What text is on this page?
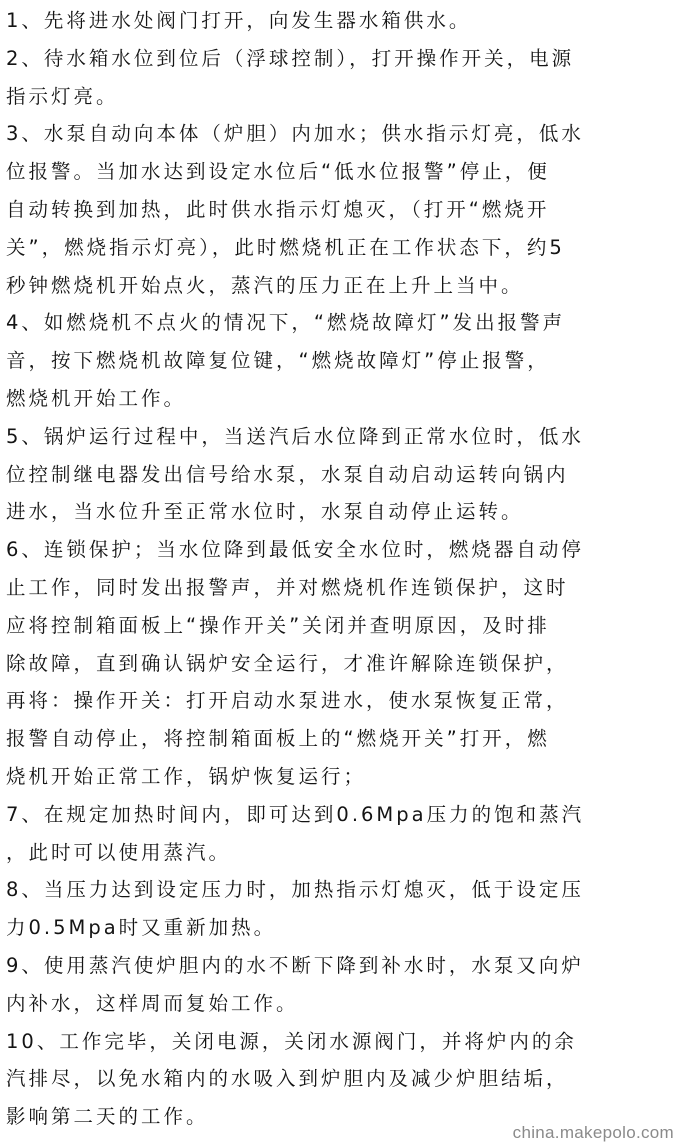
1、先将进水处阀门打开，向发生器水箱供水。
2、待水箱水位到位后（浮球控制），打开操作开关，电源
指示灯亮。
3、水泵自动向本体（炉胆）内加水；供水指示灯亮，低水
位报警。当加水达到设定水位后“低水位报警”停止，便
自动转换到加热，此时供水指示灯熄灭，（打开“燃烧开
关”，燃烧指示灯亮），此时燃烧机正在工作状态下，约5
秒钟燃烧机开始点火，蒸汽的压力正在上升上当中。
4、如燃烧机不点火的情况下，“燃烧故障灯”发出报警声
音，按下燃烧机故障复位键，“燃烧故障灯”停止报警，
燃烧机开始工作。
5、锅炉运行过程中，当送汽后水位降到正常水位时，低水
位控制继电器发出信号给水泵，水泵自动启动运转向锅内
进水，当水位升至正常水位时，水泵自动停止运转。
6、连锁保护；当水位降到最低安全水位时，燃烧器自动停
止工作，同时发出报警声，并对燃烧机作连锁保护，这时
应将控制箱面板上“操作开关”关闭并查明原因，及时排
除故障，直到确认锅炉安全运行，才准许解除连锁保护，
再将：操作开关：打开启动水泵进水，使水泵恢复正常，
报警自动停止，将控制箱面板上的“燃烧开关”打开，燃
烧机开始正常工作，锅炉恢复运行；
7、在规定加热时间内，即可达到0.6Mpa压力的饱和蒸汽
，此时可以使用蒸汽。
8、当压力达到设定压力时，加热指示灯熄灭，低于设定压
力0.5Mpa时又重新加热。
9、使用蒸汽使炉胆内的水不断下降到补水时，水泵又向炉
内补水，这样周而复始工作。
10、工作完毕，关闭电源，关闭水源阀门，并将炉内的余
汽排尽，以免水箱内的水吸入到炉胆内及减少炉胆结垢，
影响第二天的工作。
china.makepolo.com
